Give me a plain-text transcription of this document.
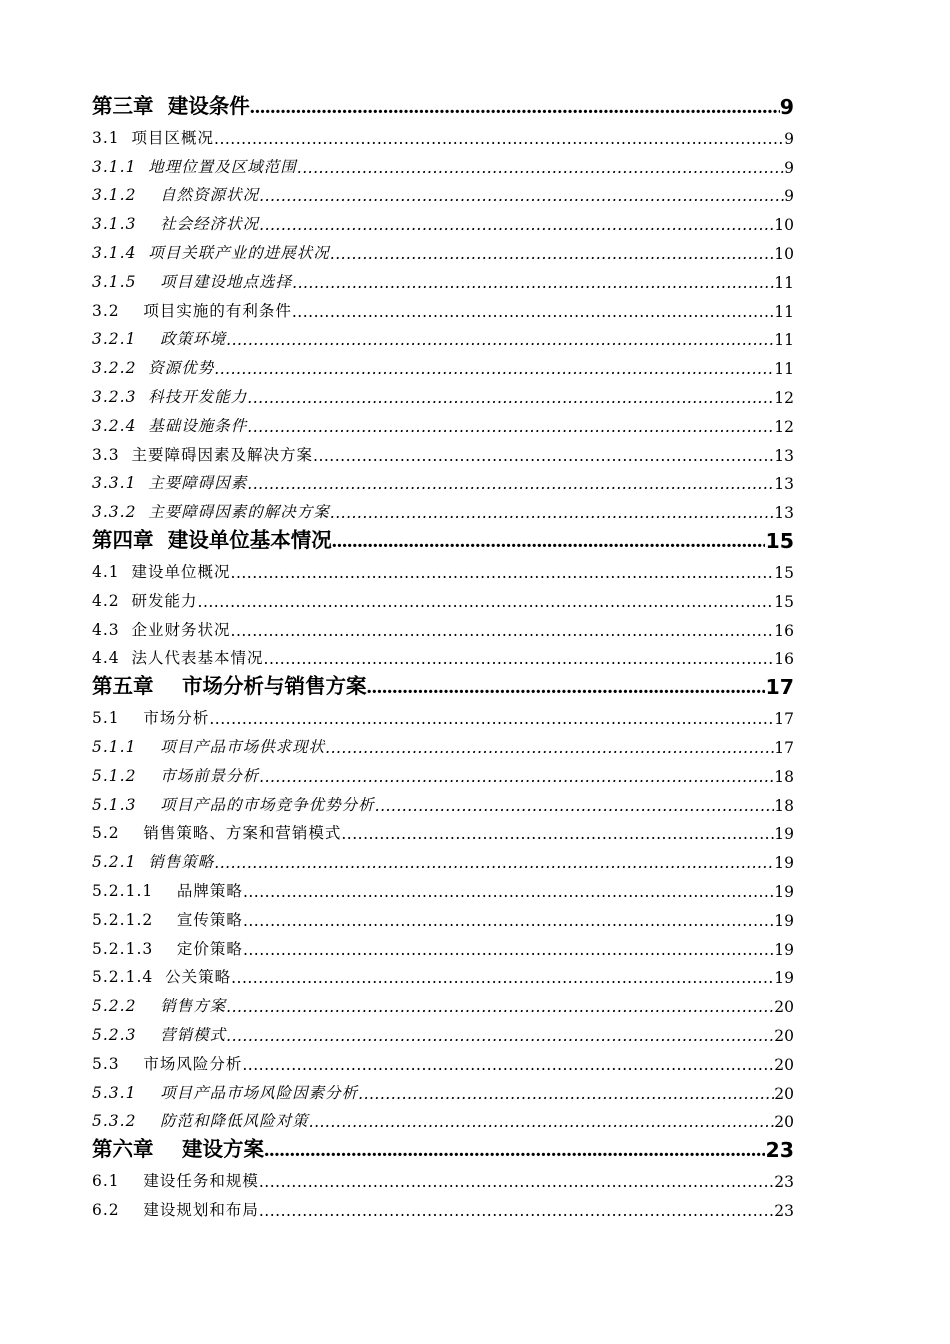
第三章  建设条件 .....	9
3.1  项目区概况 .....	9
3.1.1  地理位置及区域范围 .....	9
3.1.2    自然资源状况 .....	9
3.1.3    社会经济状况 .....	10
3.1.4  项目关联产业的进展状况 .....	10
3.1.5    项目建设地点选择 .....	11
3.2    项目实施的有利条件 .....	11
3.2.1    政策环境 .....	11
3.2.2  资源优势 .....	11
3.2.3  科技开发能力 .....	12
3.2.4  基础设施条件 .....	12
3.3  主要障碍因素及解决方案 .....	13
3.3.1  主要障碍因素 .....	13
3.3.2  主要障碍因素的解决方案 .....	13
第四章  建设单位基本情况 .....	15
4.1  建设单位概况 .....	15
4.2  研发能力 .....	15
4.3  企业财务状况 .....	16
4.4  法人代表基本情况 .....	16
第五章    市场分析与销售方案 .....	17
5.1    市场分析 .....	17
5.1.1    项目产品市场供求现状 .....	17
5.1.2    市场前景分析 .....	18
5.1.3    项目产品的市场竞争优势分析 .....	18
5.2    销售策略、方案和营销模式 .....	19
5.2.1  销售策略 .....	19
5.2.1.1    品牌策略 .....	19
5.2.1.2    宣传策略 .....	19
5.2.1.3    定价策略 .....	19
5.2.1.4  公关策略 .....	19
5.2.2    销售方案 .....	20
5.2.3    营销模式 .....	20
5.3    市场风险分析 .....	20
5.3.1    项目产品市场风险因素分析 .....	20
5.3.2    防范和降低风险对策 .....	20
第六章    建设方案 .....	23
6.1    建设任务和规模 .....	23
6.2    建设规划和布局 .....	23
